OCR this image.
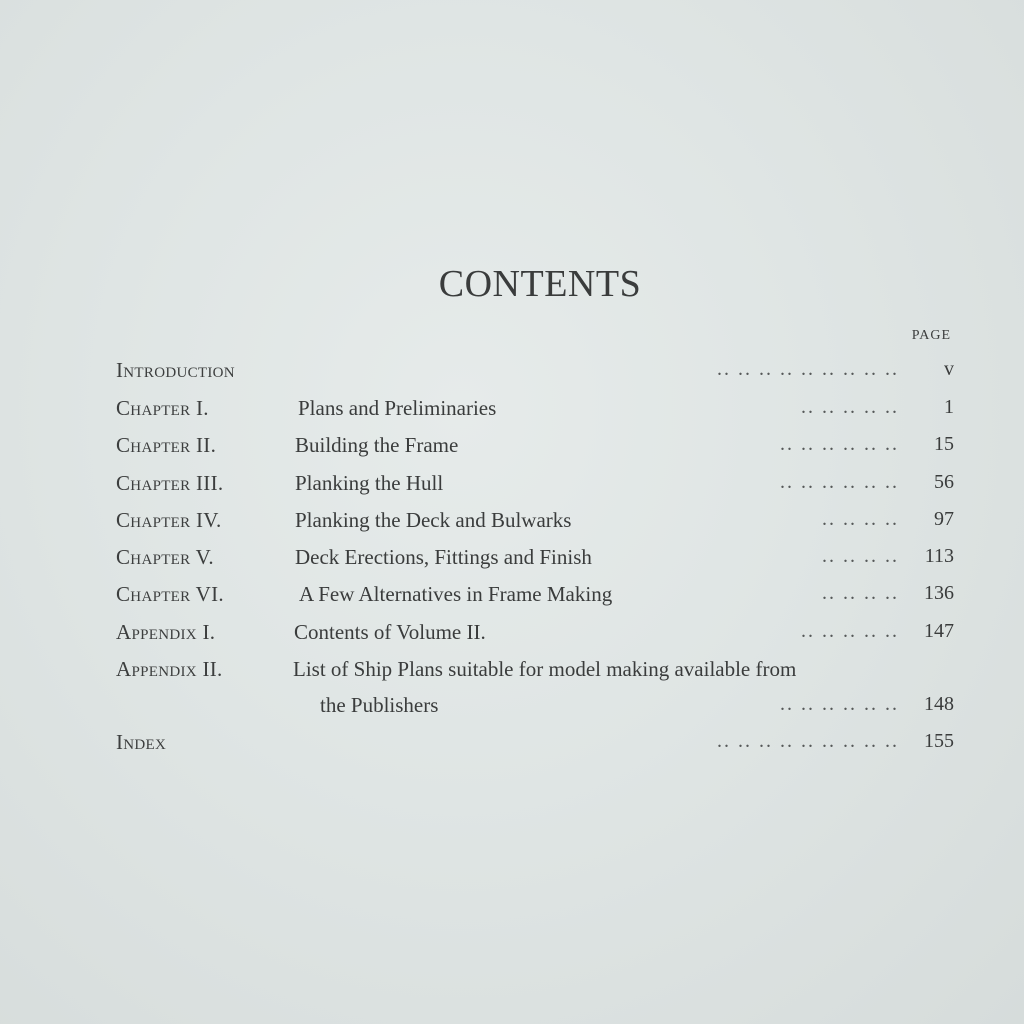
CONTENTS
PAGE
Introduction	.. .. .. .. .. .. .. .. .. v
Chapter I.	Plans and Preliminaries	.. .. .. .. .. 1
Chapter II.	Building the Frame	.. .. .. .. .. .. 15
Chapter III.	Planking the Hull	.. .. .. .. .. .. 56
Chapter IV.	Planking the Deck and Bulwarks	.. .. .. .. 97
Chapter V.	Deck Erections, Fittings and Finish	.. .. .. .. 113
Chapter VI.	A Few Alternatives in Frame Making	.. .. .. .. 136
Appendix I.	Contents of Volume II.	.. .. .. .. .. 147
Appendix II.	List of Ship Plans suitable for model making available from
the Publishers	.. .. .. .. .. .. 148
Index	.. .. .. .. .. .. .. .. .. 155
